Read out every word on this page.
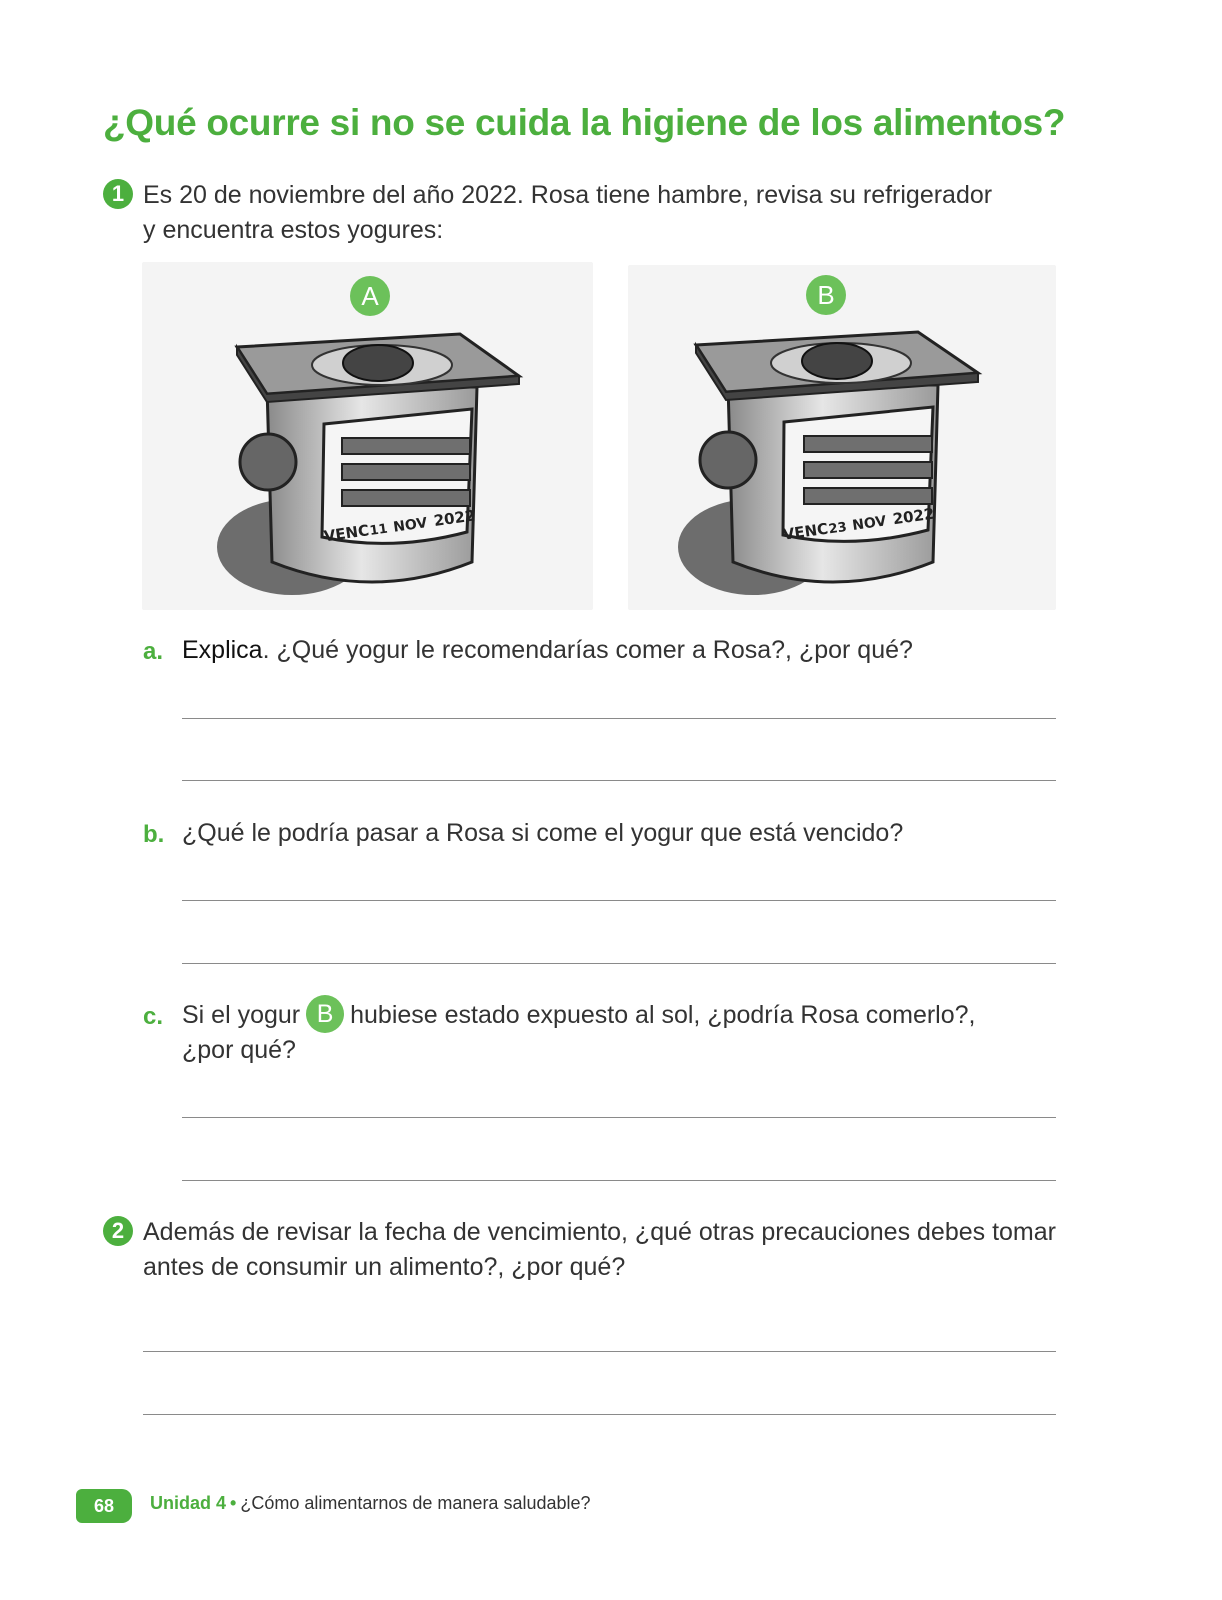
¿Qué ocurre si no se cuida la higiene de los alimentos?
1 Es 20 de noviembre del año 2022. Rosa tiene hambre, revisa su refrigerador
y encuentra estos yogures:
A
VENC
11 NOV 2022
B
VENC
23 NOV 2022
a. Explica. ¿Qué yogur le recomendarías comer a Rosa?, ¿por qué?
b. ¿Qué le podría pasar a Rosa si come el yogur que está vencido?
c. Si el yogur B hubiese estado expuesto al sol, ¿podría Rosa comerlo?,
¿por qué?
2 Además de revisar la fecha de vencimiento, ¿qué otras precauciones debes tomar
antes de consumir un alimento?, ¿por qué?
68	Unidad 4 • ¿Cómo alimentarnos de manera saludable?
